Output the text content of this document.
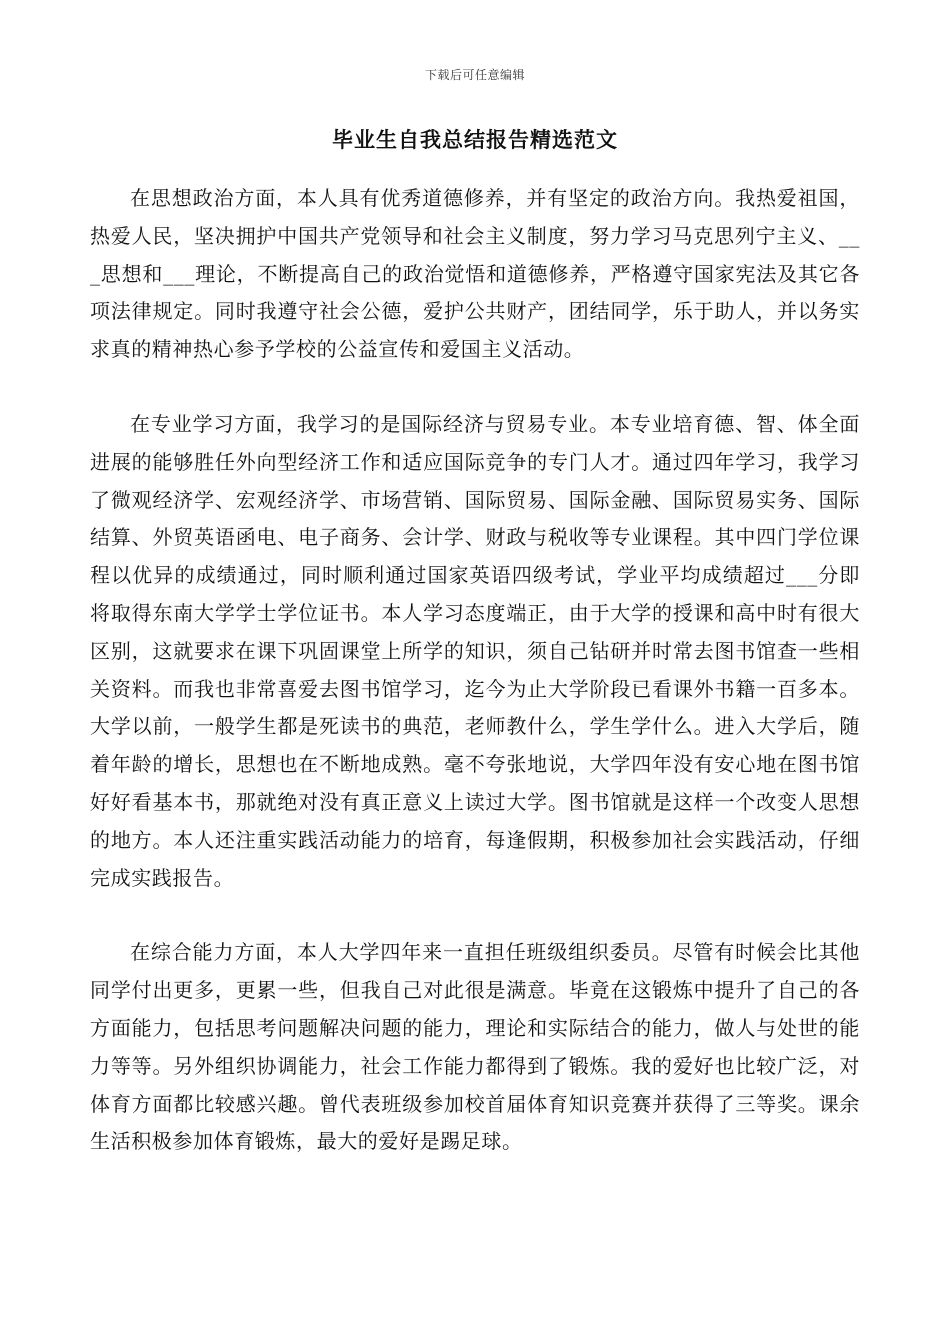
下载后可任意编辑
毕业生自我总结报告精选范文

在思想政治方面，本人具有优秀道德修养，并有坚定的政治方向。我热爱祖国，热爱人民，坚决拥护中国共产党领导和社会主义制度，努力学习马克思列宁主义、___思想和___理论，不断提高自己的政治觉悟和道德修养，严格遵守国家宪法及其它各项法律规定。同时我遵守社会公德，爱护公共财产，团结同学，乐于助人，并以务实求真的精神热心参予学校的公益宣传和爱国主义活动。

在专业学习方面，我学习的是国际经济与贸易专业。本专业培育德、智、体全面进展的能够胜任外向型经济工作和适应国际竞争的专门人才。通过四年学习，我学习了微观经济学、宏观经济学、市场营销、国际贸易、国际金融、国际贸易实务、国际结算、外贸英语函电、电子商务、会计学、财政与税收等专业课程。其中四门学位课程以优异的成绩通过，同时顺利通过国家英语四级考试，学业平均成绩超过___分即将取得东南大学学士学位证书。本人学习态度端正，由于大学的授课和高中时有很大区别，这就要求在课下巩固课堂上所学的知识，须自己钻研并时常去图书馆查一些相关资料。而我也非常喜爱去图书馆学习，迄今为止大学阶段已看课外书籍一百多本。大学以前，一般学生都是死读书的典范，老师教什么，学生学什么。进入大学后，随着年龄的增长，思想也在不断地成熟。毫不夸张地说，大学四年没有安心地在图书馆好好看基本书，那就绝对没有真正意义上读过大学。图书馆就是这样一个改变人思想的地方。本人还注重实践活动能力的培育，每逢假期，积极参加社会实践活动，仔细完成实践报告。

在综合能力方面，本人大学四年来一直担任班级组织委员。尽管有时候会比其他同学付出更多，更累一些，但我自己对此很是满意。毕竟在这锻炼中提升了自己的各方面能力，包括思考问题解决问题的能力，理论和实际结合的能力，做人与处世的能力等等。另外组织协调能力，社会工作能力都得到了锻炼。我的爱好也比较广泛，对体育方面都比较感兴趣。曾代表班级参加校首届体育知识竞赛并获得了三等奖。课余生活积极参加体育锻炼，最大的爱好是踢足球。
